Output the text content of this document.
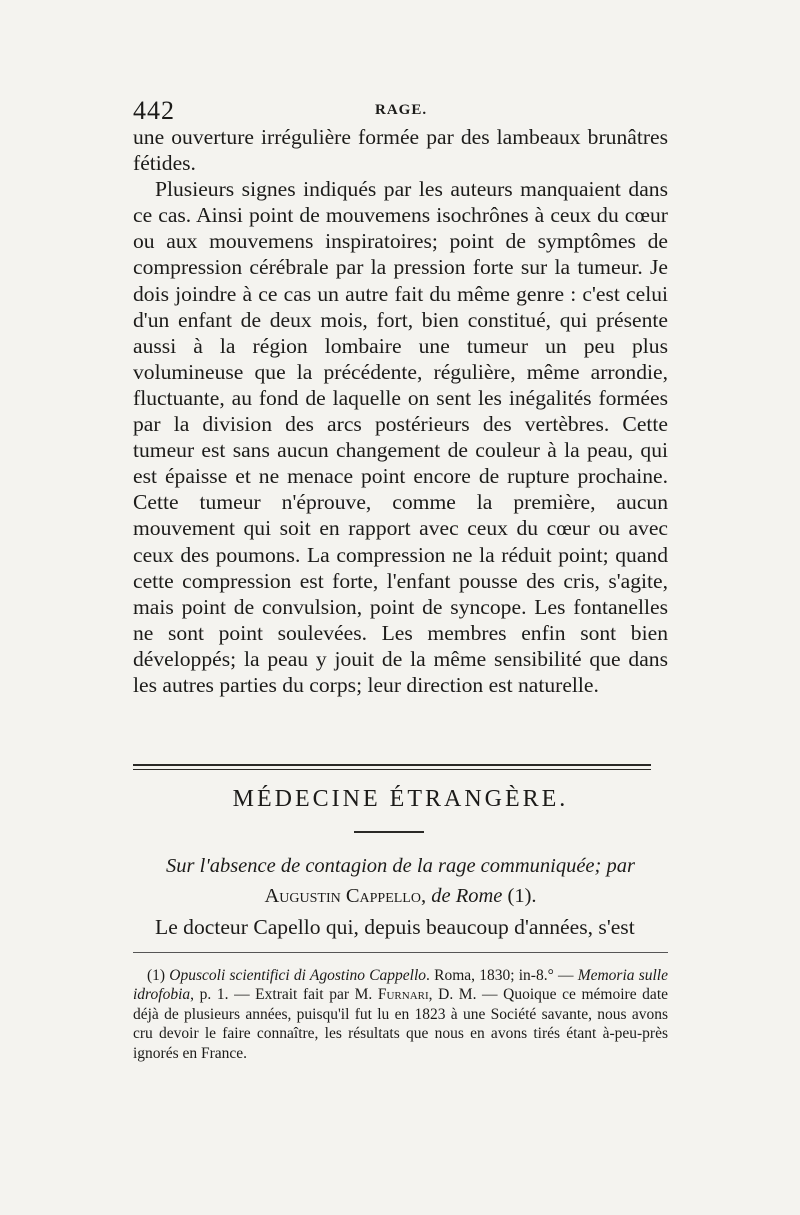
442	RAGE.

une ouverture irrégulière formée par des lambeaux brunâtres fétides.

Plusieurs signes indiqués par les auteurs manquaient dans ce cas. Ainsi point de mouvemens isochrônes à ceux du cœur ou aux mouvemens inspiratoires; point de symptômes de compression cérébrale par la pression forte sur la tumeur. Je dois joindre à ce cas un autre fait du même genre : c'est celui d'un enfant de deux mois, fort, bien constitué, qui présente aussi à la région lombaire une tumeur un peu plus volumineuse que la précédente, régulière, même arrondie, fluctuante, au fond de laquelle on sent les inégalités formées par la division des arcs postérieurs des vertèbres. Cette tumeur est sans aucun changement de couleur à la peau, qui est épaisse et ne menace point encore de rupture prochaine. Cette tumeur n'éprouve, comme la première, aucun mouvement qui soit en rapport avec ceux du cœur ou avec ceux des poumons. La compression ne la réduit point; quand cette compression est forte, l'enfant pousse des cris, s'agite, mais point de convulsion, point de syncope. Les fontanelles ne sont point soulevées. Les membres enfin sont bien développés; la peau y jouit de la même sensibilité que dans les autres parties du corps; leur direction est naturelle.

MÉDECINE ÉTRANGÈRE.
Sur l'absence de contagion de la rage communiquée; par
Augustin Cappello, de Rome (1).
Le docteur Capello qui, depuis beaucoup d'années, s'est

(1) Opuscoli scientifici di Agostino Cappello. Roma, 1830; in-8.° — Memoria sulle idrofobia, p. 1. — Extrait fait par M. Furnari, D. M. — Quoique ce mémoire date déjà de plusieurs années, puisqu'il fut lu en 1823 à une Société savante, nous avons cru devoir le faire connaître, les résultats que nous en avons tirés étant à-peu-près ignorés en France.
